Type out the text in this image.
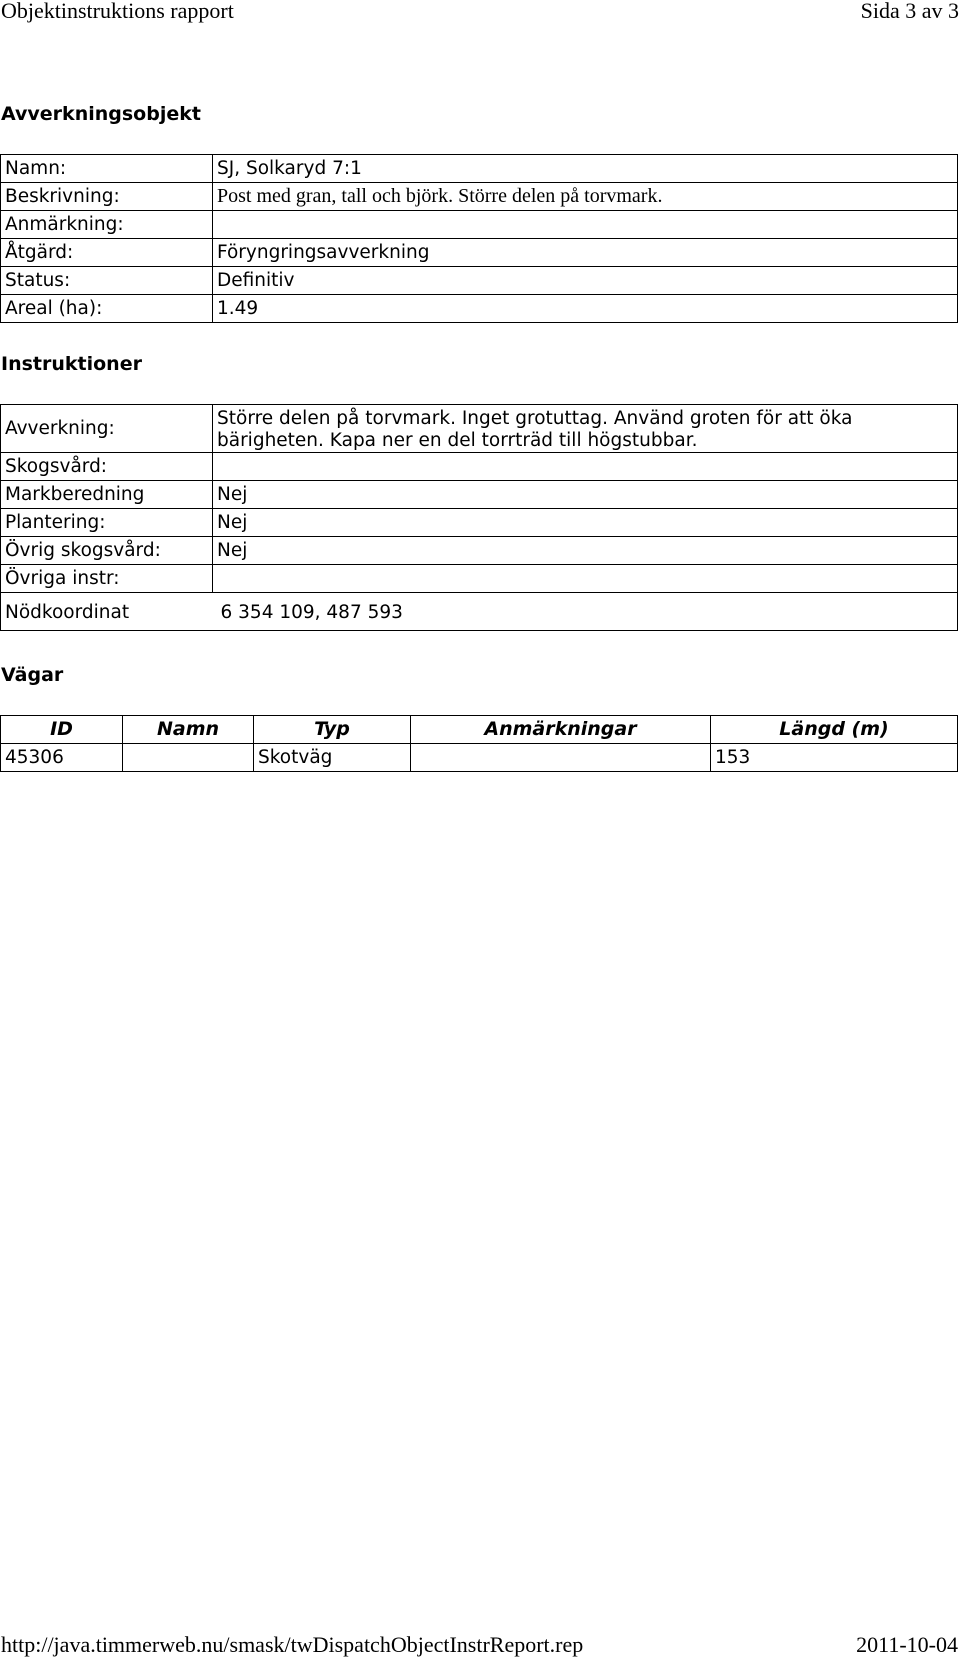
Objektinstruktions rapport	Sida 3 av 3
Avverkningsobjekt
Namn:	SJ, Solkaryd 7:1
Beskrivning:	Post med gran, tall och björk. Större delen på torvmark.
Anmärkning:	
Åtgärd:	Föryngringsavverkning
Status:	Definitiv
Areal (ha):	1.49
Instruktioner
Avverkning:	Större delen på torvmark. Inget grotuttag. Använd groten för att öka bärigheten. Kapa ner en del torrträd till högstubbar.
Skogsvård:	
Markberedning	Nej
Plantering:	Nej
Övrig skogsvård:	Nej
Övriga instr:	
Nödkoordinat	6 354 109, 487 593
Vägar
ID	Namn	Typ	Anmärkningar	Längd (m)
45306		Skotväg		153
http://java.timmerweb.nu/smask/twDispatchObjectInstrReport.rep	2011-10-04
